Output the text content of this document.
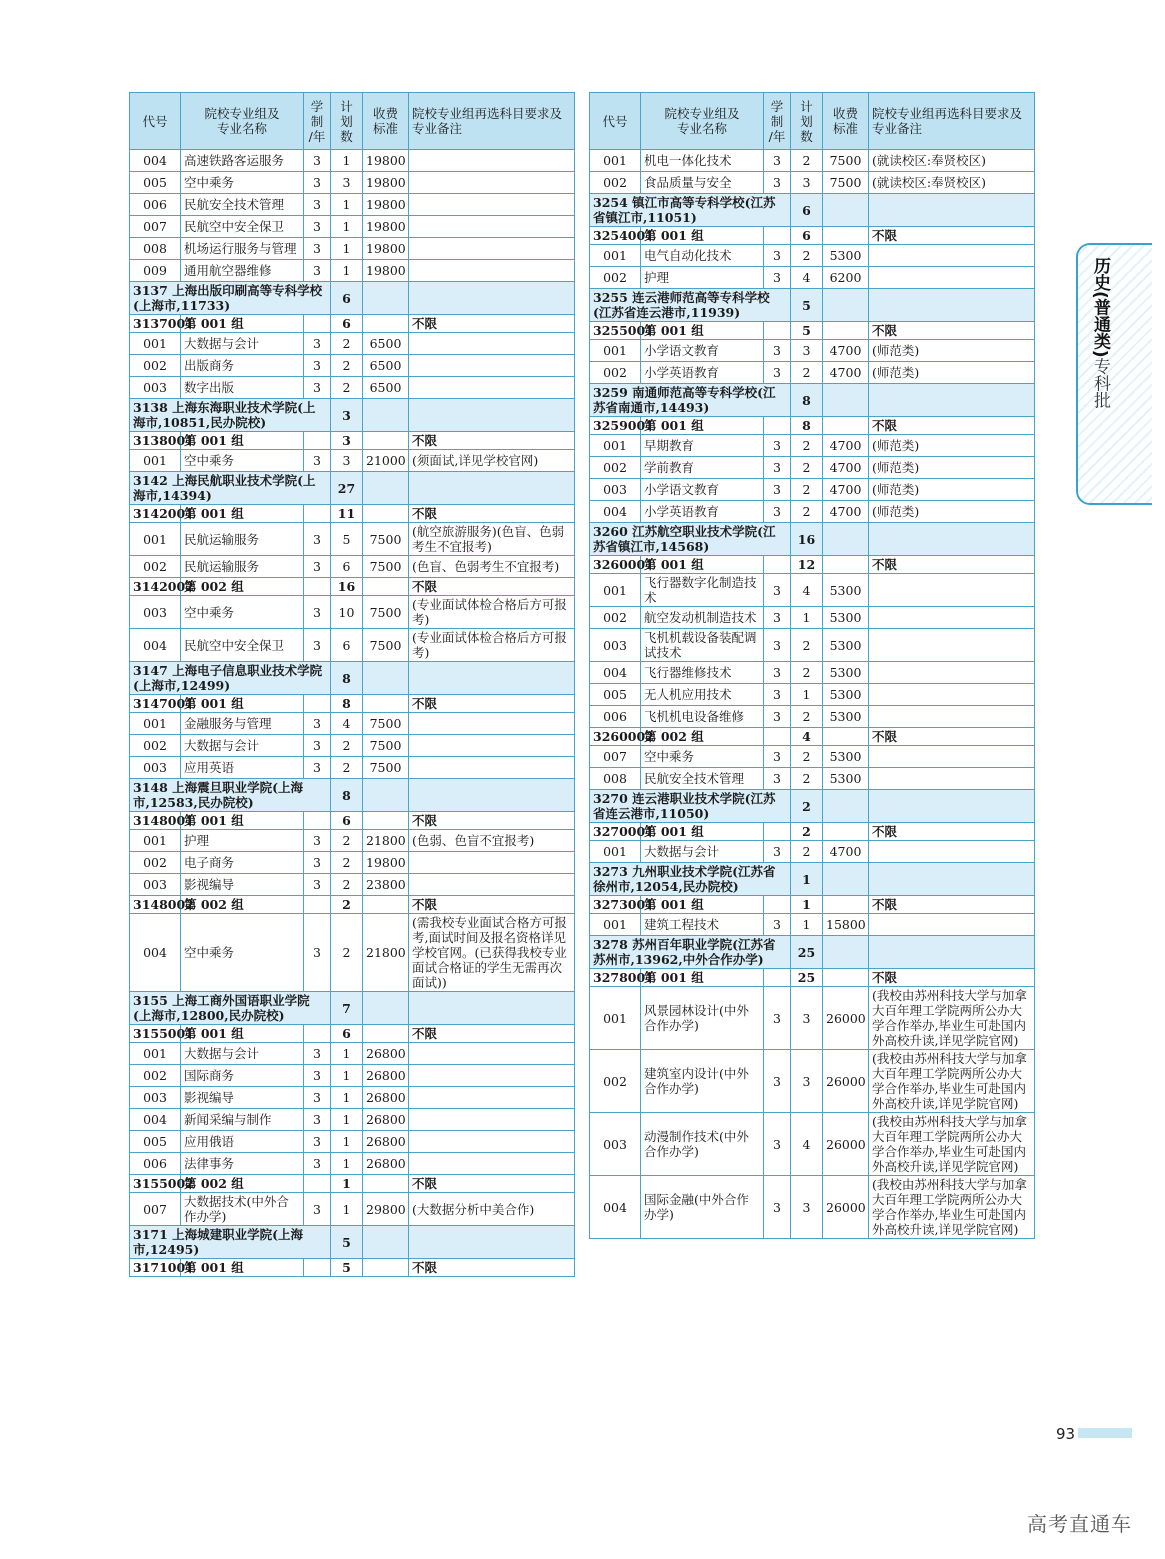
代号	院校专业组及
专业名称	学
制
/年	计
划
数	收费
标准	院校专业组再选科目要求及
专业备注
004	高速铁路客运服务	3	1	19800	
005	空中乘务	3	3	19800	
006	民航安全技术管理	3	1	19800	
007	民航空中安全保卫	3	1	19800	
008	机场运行服务与管理	3	1	19800	
009	通用航空器维修	3	1	19800	
3137 上海出版印刷高等专科学校(上海市,11733)			6		
3137001	第 001 组		6		不限
001	大数据与会计	3	2	6500	
002	出版商务	3	2	6500	
003	数字出版	3	2	6500	
3138 上海东海职业技术学院(上海市,10851,民办院校)			3		
3138001	第 001 组		3		不限
001	空中乘务	3	3	21000	(须面试,详见学校官网)
3142 上海民航职业技术学院(上海市,14394)			27		
3142001	第 001 组		11		不限
001	民航运输服务	3	5	7500	(航空旅游服务)(色盲、色弱考生不宜报考)
002	民航运输服务	3	6	7500	(色盲、色弱考生不宜报考)
3142002	第 002 组		16		不限
003	空中乘务	3	10	7500	(专业面试体检合格后方可报考)
004	民航空中安全保卫	3	6	7500	(专业面试体检合格后方可报考)
3147 上海电子信息职业技术学院(上海市,12499)			8		
3147001	第 001 组		8		不限
001	金融服务与管理	3	4	7500	
002	大数据与会计	3	2	7500	
003	应用英语	3	2	7500	
3148 上海震旦职业学院(上海市,12583,民办院校)			8		
3148001	第 001 组		6		不限
001	护理	3	2	21800	(色弱、色盲不宜报考)
002	电子商务	3	2	19800	
003	影视编导	3	2	23800	
3148002	第 002 组		2		不限
004	空中乘务	3	2	21800	(需我校专业面试合格方可报考,面试时间及报名资格详见学校官网。(已获得我校专业面试合格证的学生无需再次面试))
3155 上海工商外国语职业学院(上海市,12800,民办院校)			7		
3155001	第 001 组		6		不限
001	大数据与会计	3	1	26800	
002	国际商务	3	1	26800	
003	影视编导	3	1	26800	
004	新闻采编与制作	3	1	26800	
005	应用俄语	3	1	26800	
006	法律事务	3	1	26800	
3155002	第 002 组		1		不限
007	大数据技术(中外合作办学)	3	1	29800	(大数据分析中美合作)
3171 上海城建职业学院(上海市,12495)			5		
3171001	第 001 组		5		不限
代号	院校专业组及
专业名称	学
制
/年	计
划
数	收费
标准	院校专业组再选科目要求及
专业备注
001	机电一体化技术	3	2	7500	(就读校区:奉贤校区)
002	食品质量与安全	3	3	7500	(就读校区:奉贤校区)
3254 镇江市高等专科学校(江苏省镇江市,11051)			6		
3254001	第 001 组		6		不限
001	电气自动化技术	3	2	5300	
002	护理	3	4	6200	
3255 连云港师范高等专科学校(江苏省连云港市,11939)			5		
3255001	第 001 组		5		不限
001	小学语文教育	3	3	4700	(师范类)
002	小学英语教育	3	2	4700	(师范类)
3259 南通师范高等专科学校(江苏省南通市,14493)			8		
3259001	第 001 组		8		不限
001	早期教育	3	2	4700	(师范类)
002	学前教育	3	2	4700	(师范类)
003	小学语文教育	3	2	4700	(师范类)
004	小学英语教育	3	2	4700	(师范类)
3260 江苏航空职业技术学院(江苏省镇江市,14568)			16		
3260001	第 001 组		12		不限
001	飞行器数字化制造技术	3	4	5300	
002	航空发动机制造技术	3	1	5300	
003	飞机机载设备装配调试技术	3	2	5300	
004	飞行器维修技术	3	2	5300	
005	无人机应用技术	3	1	5300	
006	飞机机电设备维修	3	2	5300	
3260002	第 002 组		4		不限
007	空中乘务	3	2	5300	
008	民航安全技术管理	3	2	5300	
3270 连云港职业技术学院(江苏省连云港市,11050)			2		
3270001	第 001 组		2		不限
001	大数据与会计	3	2	4700	
3273 九州职业技术学院(江苏省徐州市,12054,民办院校)			1		
3273001	第 001 组		1		不限
001	建筑工程技术	3	1	15800	
3278 苏州百年职业学院(江苏省苏州市,13962,中外合作办学)			25		
3278001	第 001 组		25		不限
001	风景园林设计(中外合作办学)	3	3	26000	(我校由苏州科技大学与加拿大百年理工学院两所公办大学合作举办,毕业生可赴国内外高校升读,详见学院官网)
002	建筑室内设计(中外合作办学)	3	3	26000	(我校由苏州科技大学与加拿大百年理工学院两所公办大学合作举办,毕业生可赴国内外高校升读,详见学院官网)
003	动漫制作技术(中外合作办学)	3	4	26000	(我校由苏州科技大学与加拿大百年理工学院两所公办大学合作举办,毕业生可赴国内外高校升读,详见学院官网)
004	国际金融(中外合作办学)	3	3	26000	(我校由苏州科技大学与加拿大百年理工学院两所公办大学合作举办,毕业生可赴国内外高校升读,详见学院官网)
历史(普通类)专科批
93
高考直通车
